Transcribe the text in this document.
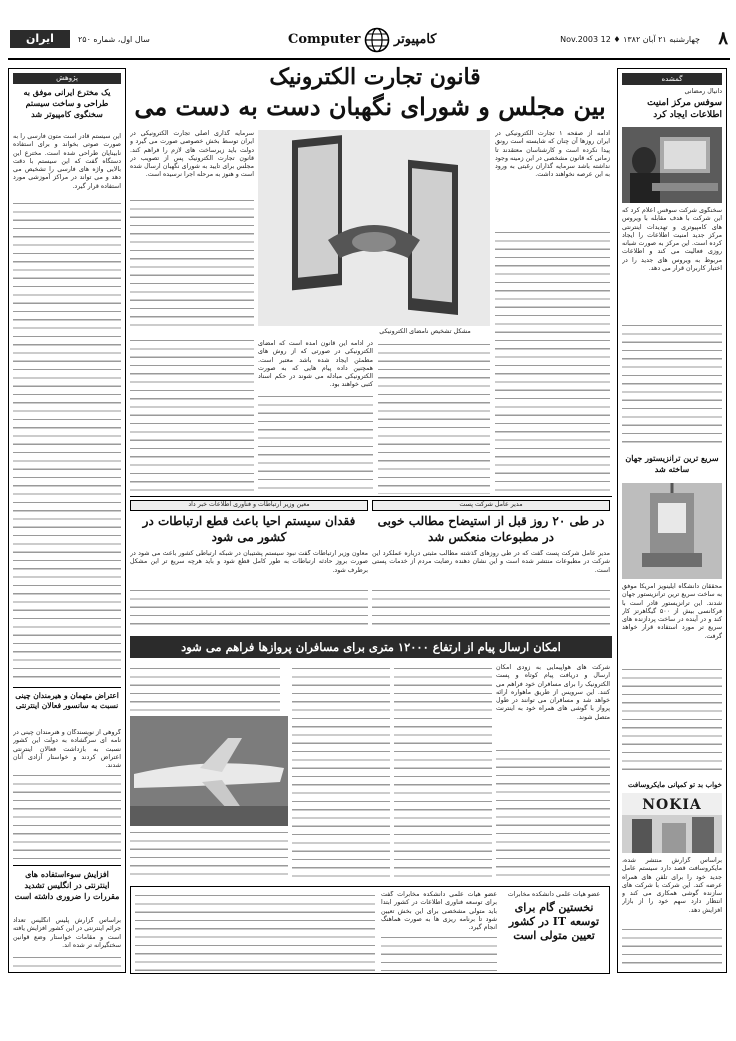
۸
چهارشنبه ۲۱ آبان ۱۳۸۲ ♦ 12 Nov.2003
Computer	کامپیوتر
سال اول، شماره ۲۵۰
ایران
گمشده
دانیال رمضانی
سوفس مرکز امنیت اطلاعات ایجاد کرد
سخنگوی شرکت سوفس اعلام کرد که این شرکت با هدف مقابله با ویروس های کامپیوتری و تهدیدات اینترنتی مرکز جدید امنیت اطلاعات را ایجاد کرده است. این مرکز به صورت شبانه روزی فعالیت می کند و اطلاعات مربوط به ویروس های جدید را در اختیار کاربران قرار می دهد.
سریع ترین ترانزیستور جهان ساخته شد
محققان دانشگاه ایلینویز آمریکا موفق به ساخت سریع ترین ترانزیستور جهان شدند. این ترانزیستور قادر است با فرکانسی بیش از ۵۰۰ گیگاهرتز کار کند و در آینده در ساخت پردازنده های سریع تر مورد استفاده قرار خواهد گرفت.
خواب بد تو کمپانی مایکروسافت
NOKIA
براساس گزارش منتشر شده، مایکروسافت قصد دارد سیستم عامل جدید خود را برای تلفن های همراه عرضه کند. این شرکت با شرکت های سازنده گوشی همکاری می کند و انتظار دارد سهم خود را از بازار افزایش دهد.
قانون تجارت الکترونیک
بین مجلس و شورای نگهبان دست به دست می
ادامه از صفحه ۱ تجارت الکترونیکی در ایران روزها آن چنان که شایسته است رونق پیدا نکرده است و کارشناسان معتقدند تا زمانی که قانون مشخصی در این زمینه وجود نداشته باشد سرمایه گذاران رغبتی به ورود به این عرصه نخواهند داشت.
مشکل تشخیص نامضای الکترونیکی
سرمایه گذاری اصلی تجارت الکترونیکی در ایران توسط بخش خصوصی صورت می گیرد و دولت باید زیرساخت های لازم را فراهم کند. قانون تجارت الکترونیک پس از تصویب در مجلس برای تایید به شورای نگهبان ارسال شده است و هنوز به مرحله اجرا نرسیده است.
در ادامه این قانون آمده است که امضای الکترونیکی در صورتی که از روش های مطمئن ایجاد شده باشد معتبر است. همچنین داده پیام هایی که به صورت الکترونیکی مبادله می شوند در حکم اسناد کتبی خواهند بود.
پژوهش
یک مخترع ایرانی موفق به طراحی و ساخت سیستم سخنگوی کامپیوتر شد
این سیستم قادر است متون فارسی را به صورت صوتی بخواند و برای استفاده نابینایان طراحی شده است. مخترع این دستگاه گفت که این سیستم با دقت بالایی واژه های فارسی را تشخیص می دهد و می تواند در مراکز آموزشی مورد استفاده قرار گیرد.
اعتراض متهمان و هیرمندان چینی نسبت به سانسور فعالان اینترنتی
گروهی از نویسندگان و هنرمندان چینی در نامه ای سرگشاده به دولت این کشور نسبت به بازداشت فعالان اینترنتی اعتراض کردند و خواستار آزادی آنان شدند.
افزایش سوءاستفاده های اینترنتی در انگلیس تشدید مقررات را ضروری داشته است
براساس گزارش پلیس انگلیس تعداد جرائم اینترنتی در این کشور افزایش یافته است و مقامات خواستار وضع قوانین سختگیرانه تر شده اند.
مدیر عامل شرکت پست
در طی ۲۰ روز قبل از استیضاح مطالب خوبی در مطبوعات منعکس شد
مدیر عامل شرکت پست گفت که در طی روزهای گذشته مطالب مثبتی درباره عملکرد این شرکت در مطبوعات منتشر شده است و این نشان دهنده رضایت مردم از خدمات پستی است.
معین وزیر ارتباطات و فناوری اطلاعات خبر داد
فقدان سیستم احیا باعث قطع ارتباطات در کشور می شود
معاون وزیر ارتباطات گفت نبود سیستم پشتیبان در شبکه ارتباطی کشور باعث می شود در صورت بروز حادثه ارتباطات به طور کامل قطع شود و باید هرچه سریع تر این مشکل برطرف شود.
امکان ارسال پیام از ارتفاع ۱۲۰۰۰ متری برای مسافران پروازها فراهم می شود
شرکت های هواپیمایی به زودی امکان ارسال و دریافت پیام کوتاه و پست الکترونیک را برای مسافران خود فراهم می کنند. این سرویس از طریق ماهواره ارائه خواهد شد و مسافران می توانند در طول پرواز با گوشی های همراه خود به اینترنت متصل شوند.
عضو هیات علمی دانشکده مخابرات
نخستین گام برای توسعه IT در کشور تعیین متولی است
عضو هیات علمی دانشکده مخابرات گفت برای توسعه فناوری اطلاعات در کشور ابتدا باید متولی مشخصی برای این بخش تعیین شود تا برنامه ریزی ها به صورت هماهنگ انجام گیرد.
